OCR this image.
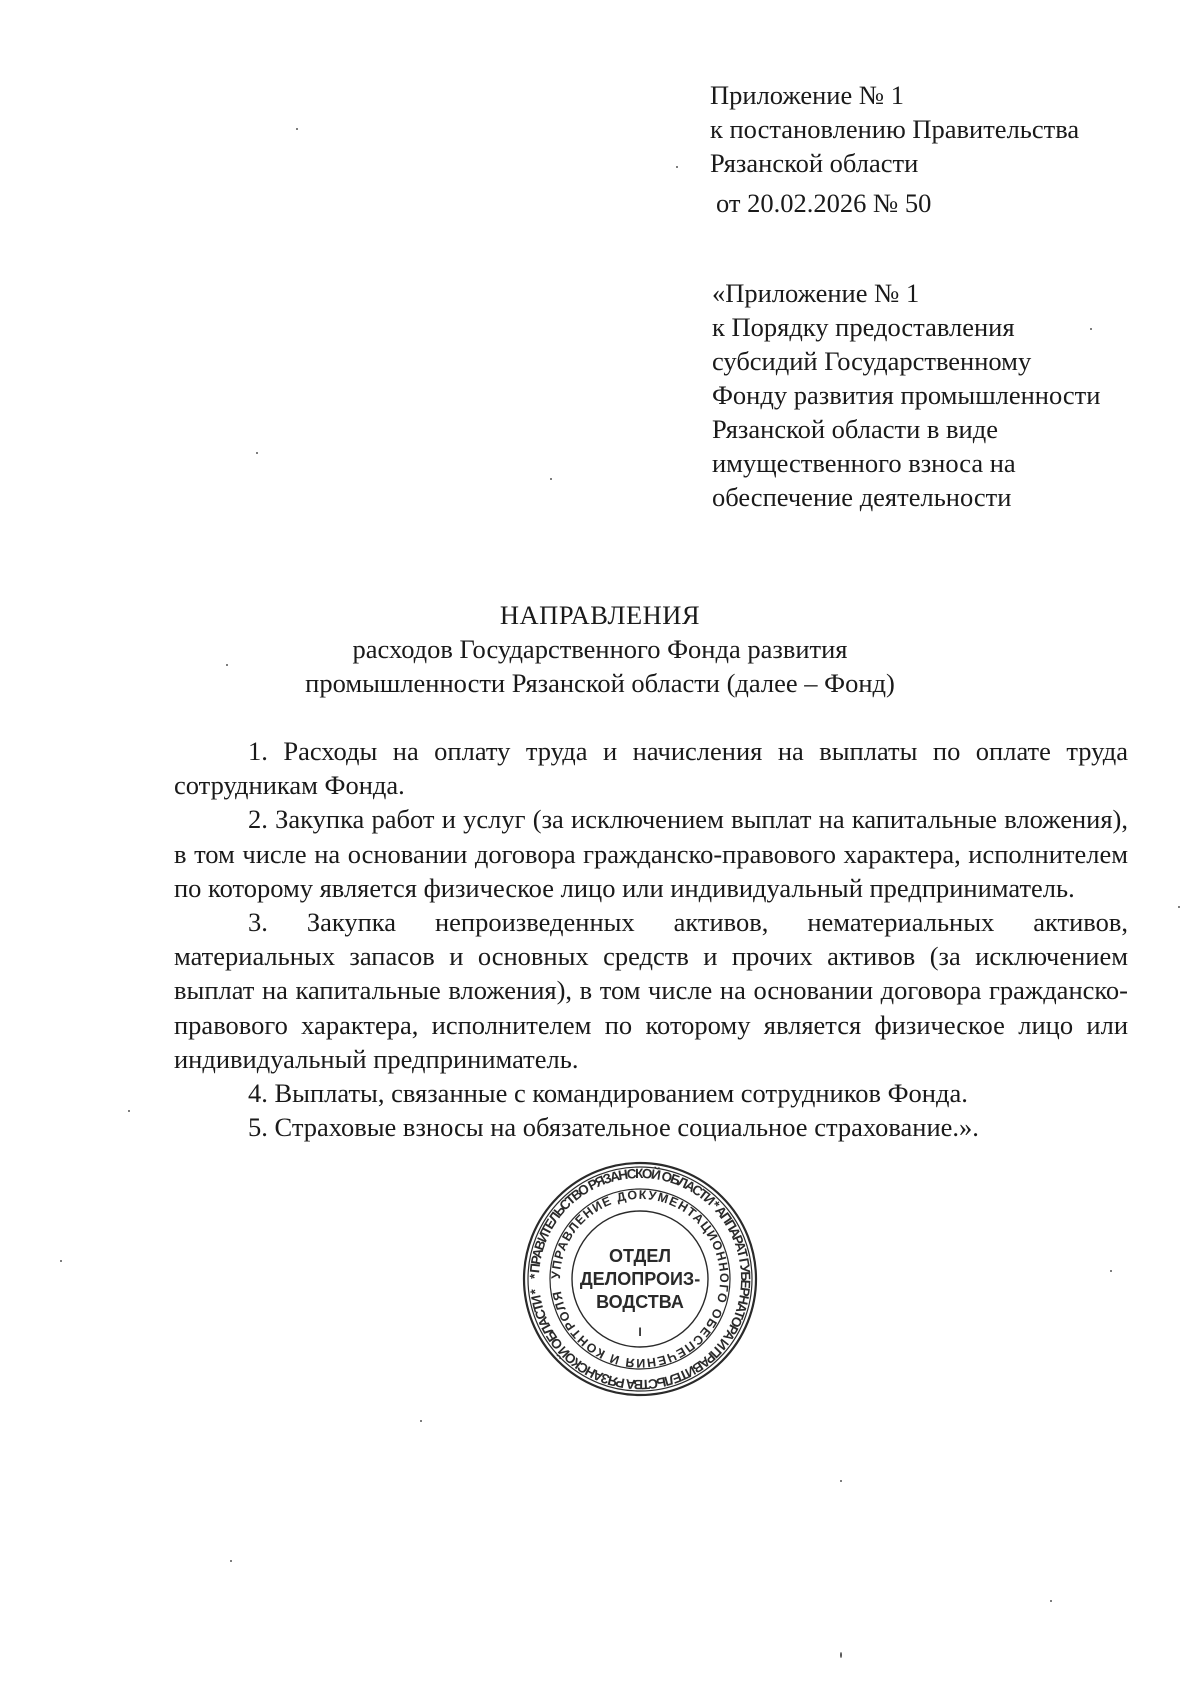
Приложение № 1
к постановлению Правительства
Рязанской области
от 20.02.2026 № 50
«Приложение № 1
к Порядку предоставления
субсидий Государственному
Фонду развития промышленности
Рязанской области в виде
имущественного взноса на
обеспечение деятельности
НАПРАВЛЕНИЯ
расходов Государственного Фонда развития
промышленности Рязанской области (далее – Фонд)

1. Расходы на оплату труда и начисления на выплаты по оплате труда сотрудникам Фонда.

2. Закупка работ и услуг (за исключением выплат на капитальные вложения), в том числе на основании договора гражданско-правового характера, исполнителем по которому является физическое лицо или индивидуальный предприниматель.

3. Закупка непроизведенных активов, нематериальных активов, материальных запасов и основных средств и прочих активов (за исключением выплат на капитальные вложения), в том числе на основании договора гражданско-правового характера, исполнителем по которому является физическое лицо или индивидуальный предприниматель.

4. Выплаты, связанные с командированием сотрудников Фонда.

5. Страховые взносы на обязательное социальное страхование.».

* ПРАВИТЕЛЬСТВО РЯЗАНСКОЙ ОБЛАСТИ * АППАРАТ ГУБЕРНАТОРА И ПРАВИТЕЛЬСТВА РЯЗАНСКОЙ ОБЛАСТИ *
УПРАВЛЕНИЕ ДОКУМЕНТАЦИОННОГО ОБЕСПЕЧЕНИЯ И КОНТРОЛЯ
ОТДЕЛ
ДЕЛОПРОИЗ-
ВОДСТВА
I
